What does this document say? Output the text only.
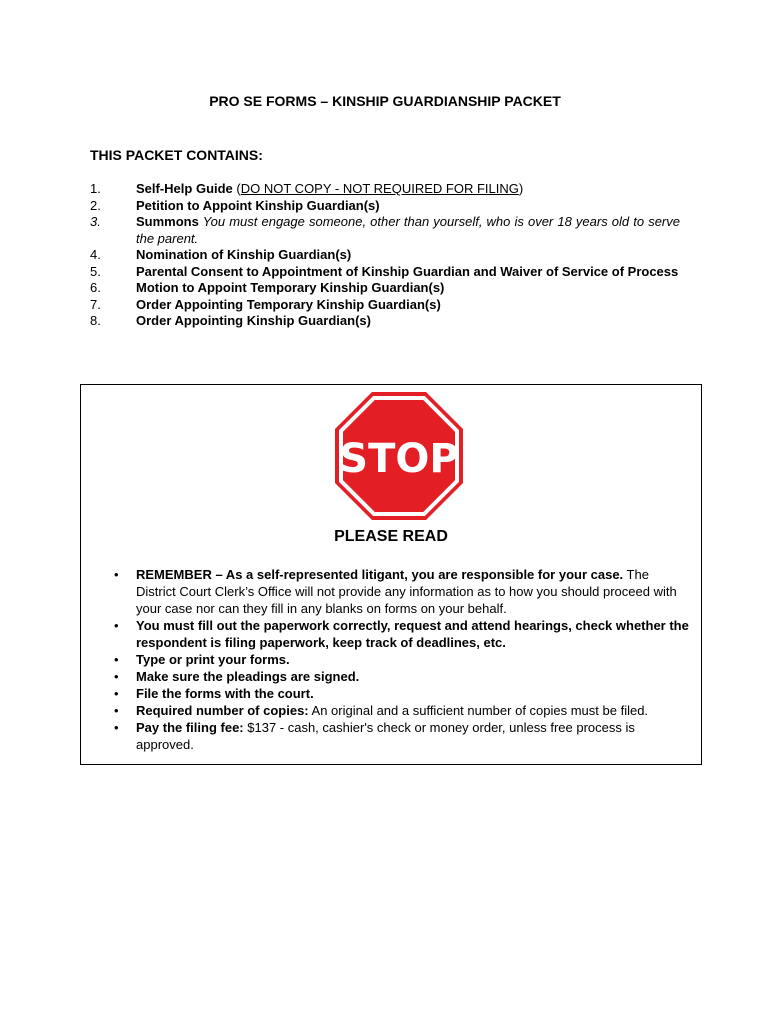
PRO SE FORMS – KINSHIP GUARDIANSHIP PACKET
THIS PACKET CONTAINS:
1.	Self-Help Guide (DO NOT COPY - NOT REQUIRED FOR FILING)
2.	Petition to Appoint Kinship Guardian(s)
3.	Summons You must engage someone, other than yourself, who is over 18 years old to serve the parent.
4.	Nomination of Kinship Guardian(s)
5.	Parental Consent to Appointment of Kinship Guardian and Waiver of Service of Process
6.	Motion to Appoint Temporary Kinship Guardian(s)
7.	Order Appointing Temporary Kinship Guardian(s)
8.	Order Appointing Kinship Guardian(s)
STOP
PLEASE READ
• REMEMBER – As a self-represented litigant, you are responsible for your case. The District Court Clerk’s Office will not provide any information as to how you should proceed with your case nor can they fill in any blanks on forms on your behalf.
• You must fill out the paperwork correctly, request and attend hearings, check whether the respondent is filing paperwork, keep track of deadlines, etc.
• Type or print your forms.
• Make sure the pleadings are signed.
• File the forms with the court.
• Required number of copies: An original and a sufficient number of copies must be filed.
• Pay the filing fee: $137 - cash, cashier's check or money order, unless free process is approved.
